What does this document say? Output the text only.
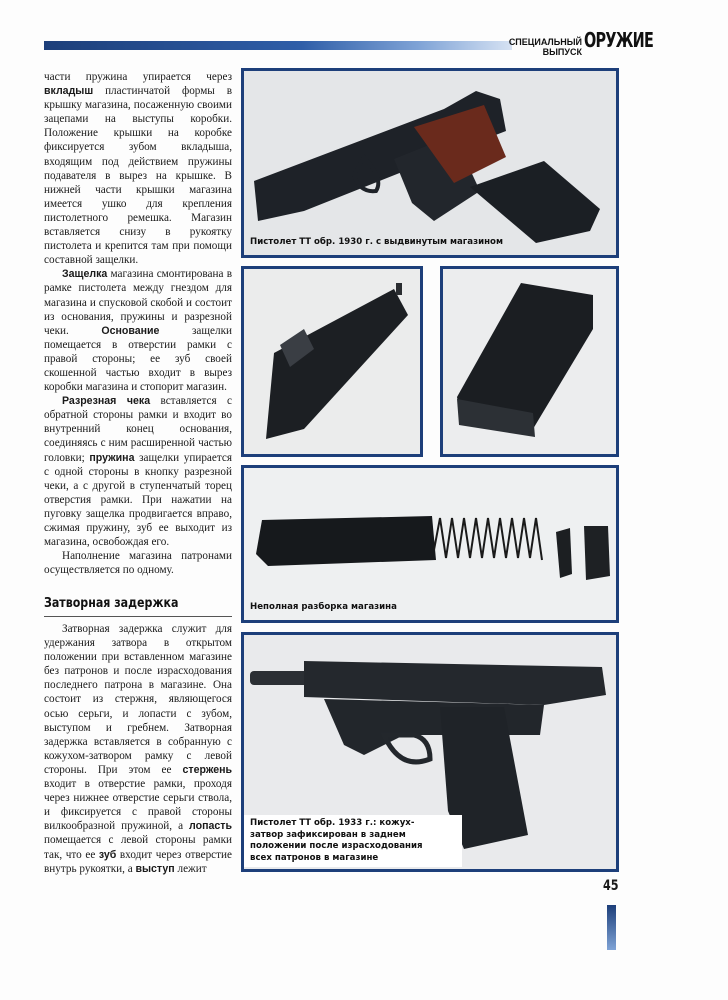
СПЕЦИАЛЬНЫЙ
ВЫПУСК ОРУЖИЕ

части пружина упирается через вкладыш пластинчатой формы в крышку магазина, посаженную своими зацепами на выступы коробки. Положение крышки на коробке фиксируется зубом вкладыша, входящим под действием пружины подавателя в вырез на крышке. В нижней части крышки магазина имеется ушко для крепления пистолетного ремешка. Магазин вставляется снизу в рукоятку пистолета и крепится там при помощи составной защелки.

Защелка магазина смонтирована в рамке пистолета между гнездом для магазина и спусковой скобой и состоит из основания, пружины и разрезной чеки. Основание защелки помещается в отверстии рамки с правой стороны; ее зуб своей скошенной частью входит в вырез коробки магазина и стопорит магазин.

Разрезная чека вставляется с обратной стороны рамки и входит во внутренний конец основания, соединяясь с ним расширенной частью головки; пружина защелки упирается с одной стороны в кнопку разрезной чеки, а с другой в ступенчатый торец отверстия рамки. При нажатии на пуговку защелка продвигается вправо, сжимая пружину, зуб ее выходит из магазина, освобождая его.

Наполнение магазина патронами осуществляется по одному.

Затворная задержка

Затворная задержка служит для удержания затвора в открытом положении при вставленном магазине без патронов и после израсходования последнего патрона в магазине. Она состоит из стержня, являющегося осью серьги, и лопасти с зубом, выступом и гребнем. Затворная задержка вставляется в собранную с кожухом-затвором рамку с левой стороны. При этом ее стержень входит в отверстие рамки, проходя через нижнее отверстие серьги ствола, и фиксируется с правой стороны вилкообразной пружиной, а лопасть помещается с левой стороны рамки так, что ее зуб входит через отверстие внутрь рукоятки, а выступ лежит

Пистолет ТТ обр. 1930 г. с выдвинутым магазином
Неполная разборка магазина
Пистолет ТТ обр. 1933 г.: кожух-
затвор зафиксирован в заднем
положении после израсходования
всех патронов в магазине
45
